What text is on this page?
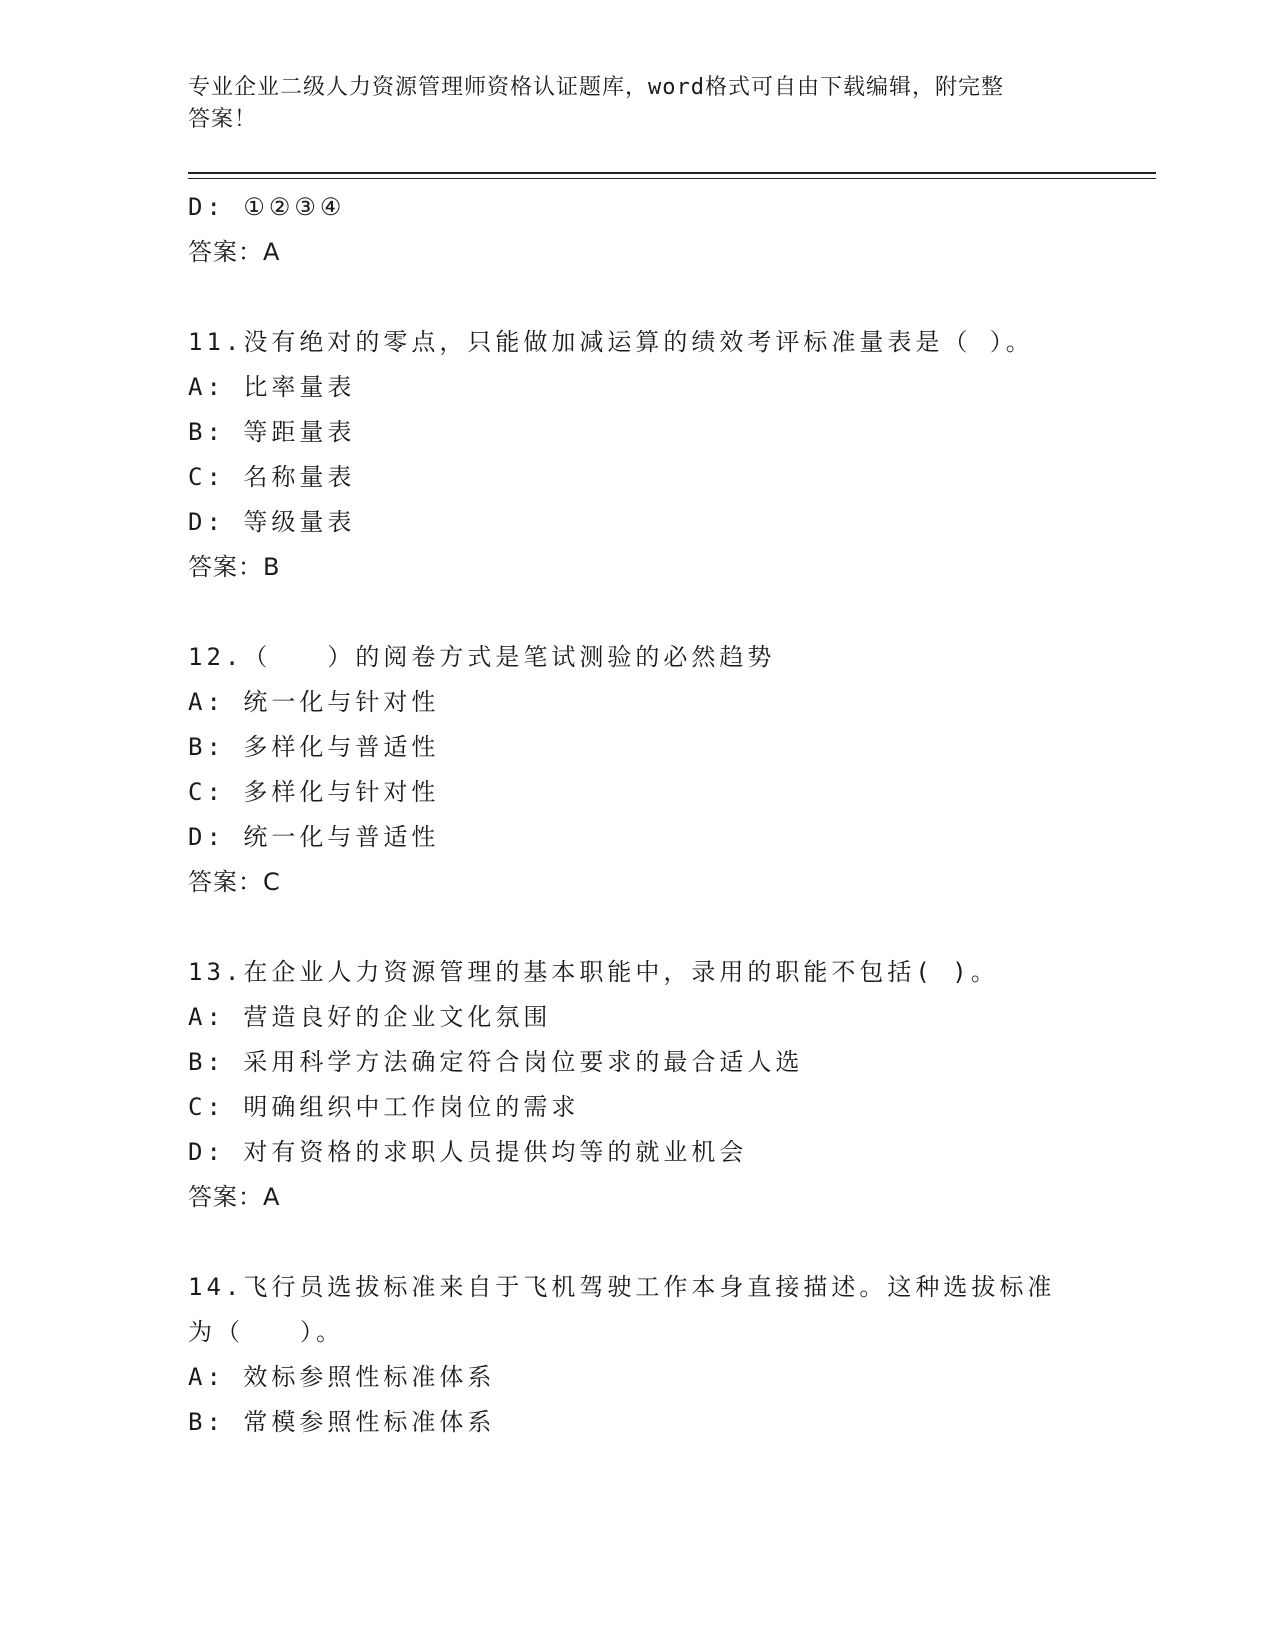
专业企业二级人力资源管理师资格认证题库，word格式可自由下载编辑，附完整
答案！
D: ①②③④
答案：A
11.没有绝对的零点，只能做加减运算的绩效考评标准量表是（ ）。
A: 比率量表
B: 等距量表
C: 名称量表
D: 等级量表
答案：B
12.（　　）的阅卷方式是笔试测验的必然趋势
A: 统一化与针对性
B: 多样化与普适性
C: 多样化与针对性
D: 统一化与普适性
答案：C
13.在企业人力资源管理的基本职能中，录用的职能不包括( )。
A: 营造良好的企业文化氛围
B: 采用科学方法确定符合岗位要求的最合适人选
C: 明确组织中工作岗位的需求
D: 对有资格的求职人员提供均等的就业机会
答案：A
14.飞行员选拔标准来自于飞机驾驶工作本身直接描述。这种选拔标准
为（　　）。
A: 效标参照性标准体系
B: 常模参照性标准体系
